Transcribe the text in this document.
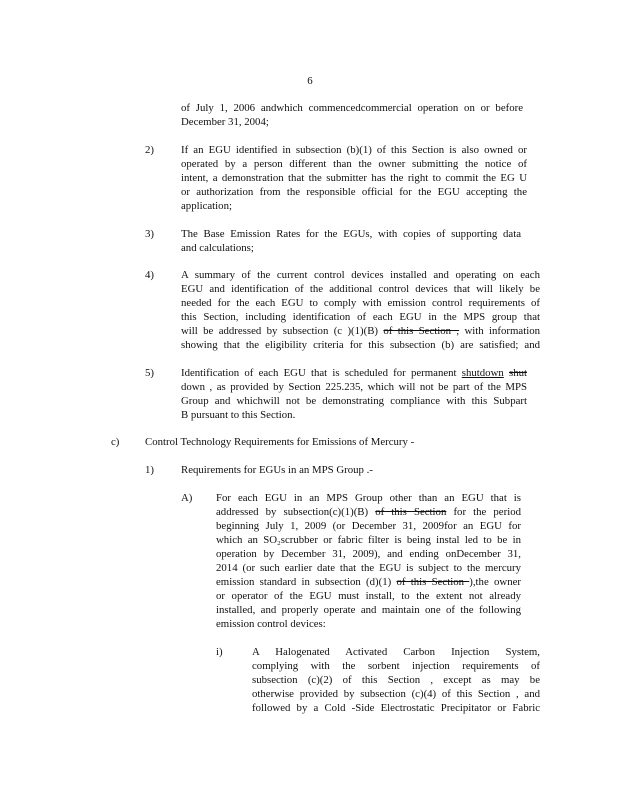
6
of July 1, 2006 andwhich commencedcommercial operation on or before
December 31, 2004;
2)	If an EGU identified in subsection (b)(1) of this Section is also owned or
operated by a person different than the owner submitting the notice of
intent, a demonstration that the submitter has the right to commit the EG U
or authorization from the responsible official for the EGU accepting the
application;
3)	The Base Emission Rates for the EGUs, with copies of supporting data
and calculations;
4)	A summary of the current control devices installed and operating on each
EGU and identification of the additional control devices that will likely be
needed for the each EGU to comply with emission control requirements of
this Section, including identification of each EGU in the MPS group that
will be addressed by subsection (c )(1)(B) of this Section , with information
showing that the eligibility criteria for this subsection (b) are satisfied; and
5)	Identification of each EGU that is scheduled for permanent shutdown shut
down , as provided by Section 225.235, which will not be part of the MPS
Group and whichwill not be demonstrating compliance with this Subpart
B pursuant to this Section.
c) Control Technology Requirements for Emissions of Mercury -
1)	Requirements for EGUs in an MPS Group .-
A) For each EGU in an MPS Group other than an EGU that is
addressed by subsection(c)(1)(B) of this Section for the period
beginning July 1, 2009 (or December 31, 2009for an EGU for
which an SO₂scrubber or fabric filter is being instal led to be in
operation by December 31, 2009), and ending onDecember 31,
2014 (or such earlier date that the EGU is subject to the mercury
emission standard in subsection (d)(1) of this Section ),the owner
or operator of the EGU must install, to the extent not already
installed, and properly operate and maintain one of the following
emission control devices:
i)	A Halogenated Activated Carbon Injection System,
complying with the sorbent injection requirements of
subsection (c)(2) of this Section , except as may be
otherwise provided by subsection (c)(4) of this Section , and
followed by a Cold -Side Electrostatic Precipitator or Fabric
